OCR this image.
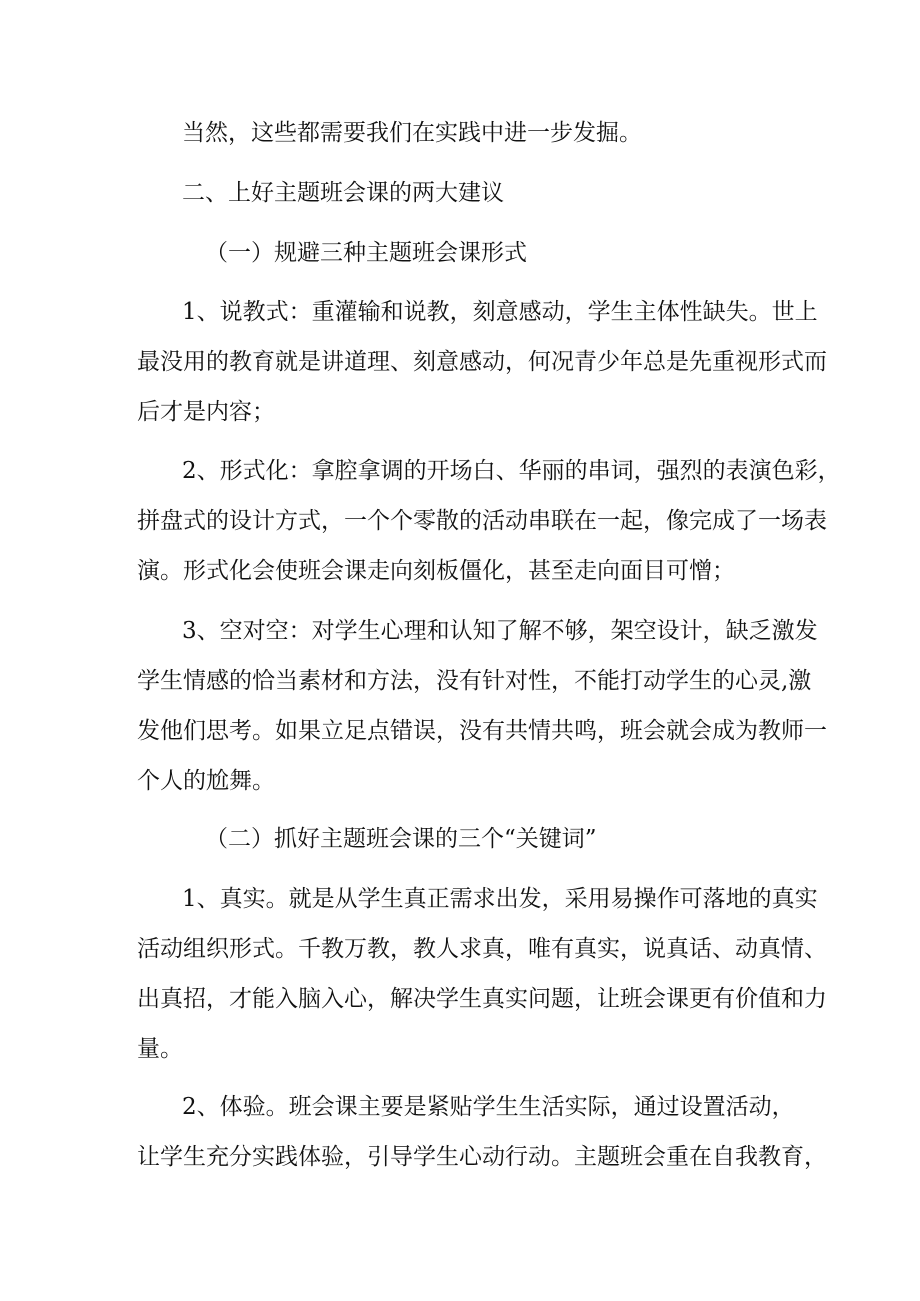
当然，这些都需要我们在实践中进一步发掘。
二、上好主题班会课的两大建议
（一）规避三种主题班会课形式
1、说教式：重灌输和说教，刻意感动，学生主体性缺失。世上
最没用的教育就是讲道理、刻意感动，何况青少年总是先重视形式而
后才是内容；
2、形式化：拿腔拿调的开场白、华丽的串词，强烈的表演色彩，
拼盘式的设计方式，一个个零散的活动串联在一起，像完成了一场表
演。形式化会使班会课走向刻板僵化，甚至走向面目可憎；
3、空对空：对学生心理和认知了解不够，架空设计，缺乏激发
学生情感的恰当素材和方法，没有针对性，不能打动学生的心灵,激
发他们思考。如果立足点错误，没有共情共鸣，班会就会成为教师一
个人的尬舞。
（二）抓好主题班会课的三个“关键词”
1、真实。就是从学生真正需求出发，采用易操作可落地的真实
活动组织形式。千教万教，教人求真，唯有真实，说真话、动真情、
出真招，才能入脑入心，解决学生真实问题，让班会课更有价值和力
量。
2、体验。班会课主要是紧贴学生生活实际，通过设置活动，
让学生充分实践体验，引导学生心动行动。主题班会重在自我教育，
